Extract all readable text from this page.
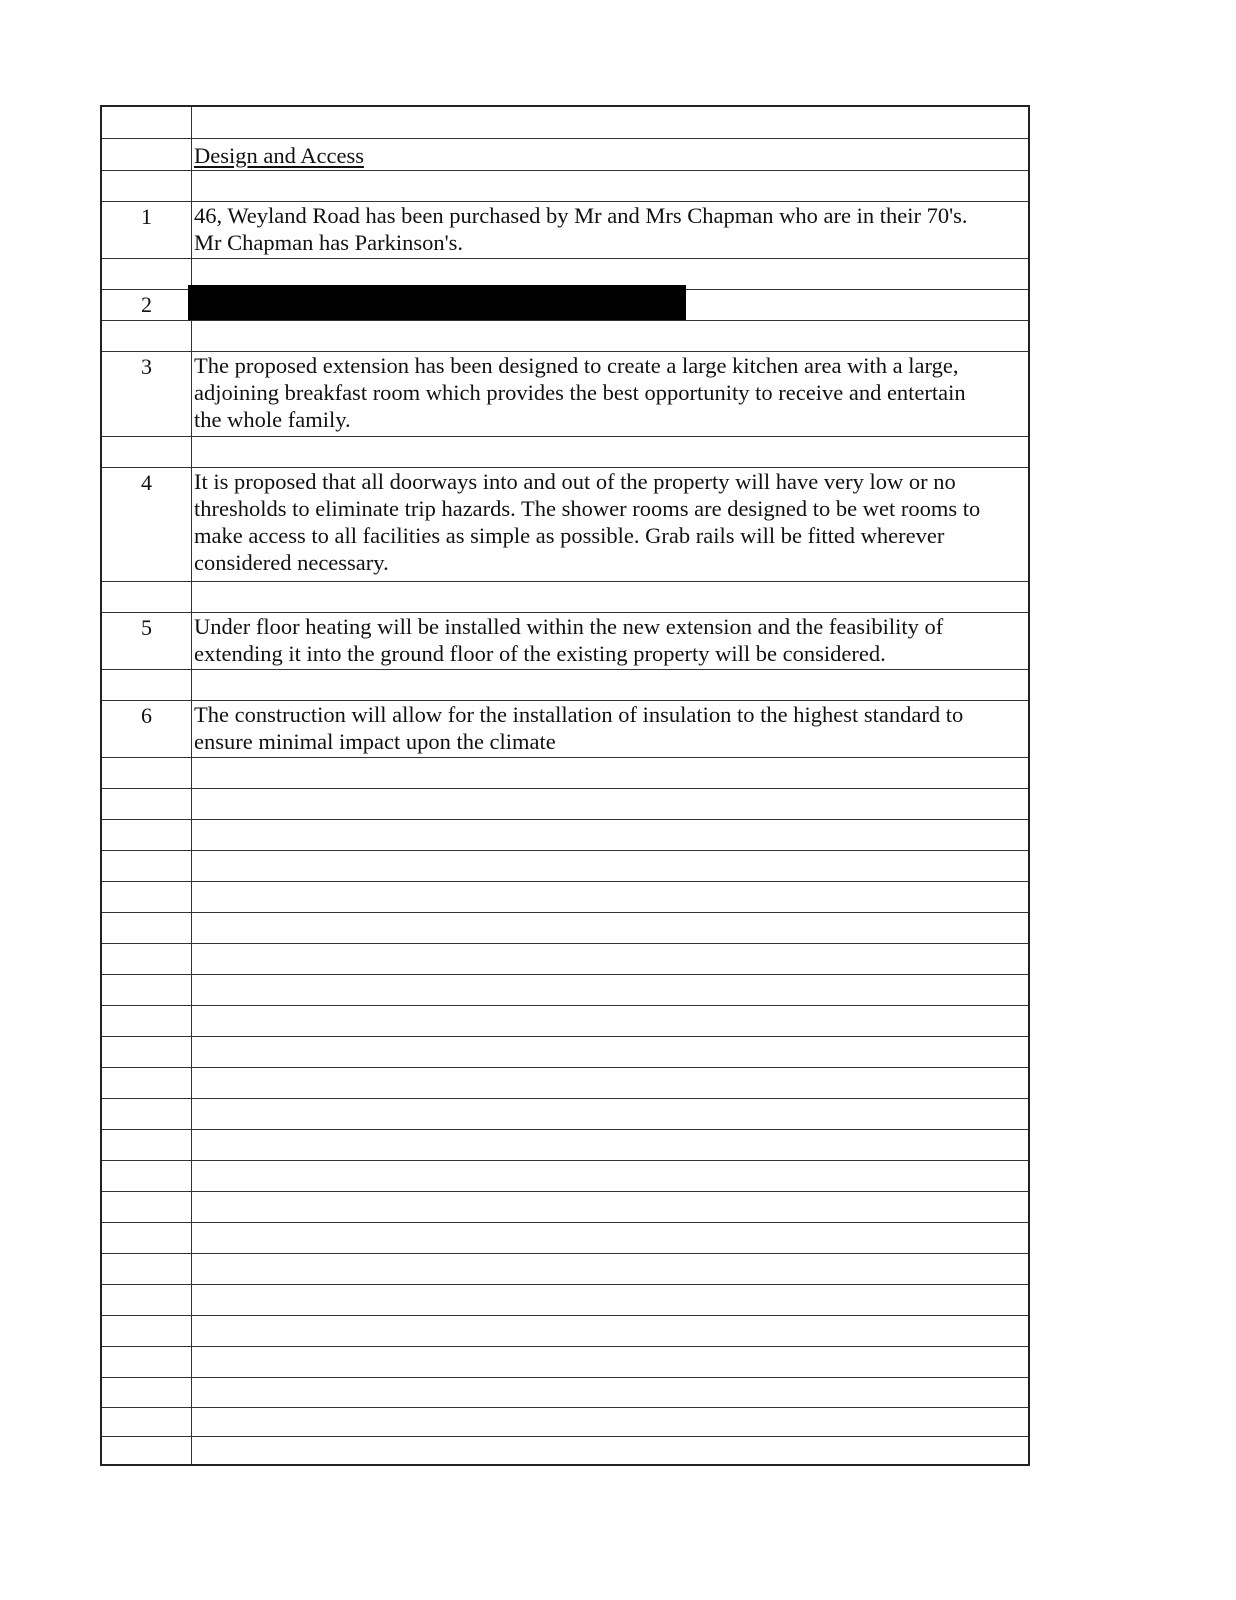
Design and Access
1	46, Weyland Road has been purchased by Mr and Mrs Chapman who are in their 70's.
Mr Chapman has Parkinson's.
2
3	The proposed extension has been designed to create a large kitchen area with a large,
adjoining breakfast room which provides the best opportunity to receive and entertain
the whole family.
4	It is proposed that all doorways into and out of the property will have very low or no
thresholds to eliminate trip hazards. The shower rooms are designed to be wet rooms to
make access to all facilities as simple as possible. Grab rails will be fitted wherever
considered necessary.
5	Under floor heating will be installed within the new extension and the feasibility of
extending it into the ground floor of the existing property will be considered.
6	The construction will allow for the installation of insulation to the highest standard to
ensure minimal impact upon the climate
